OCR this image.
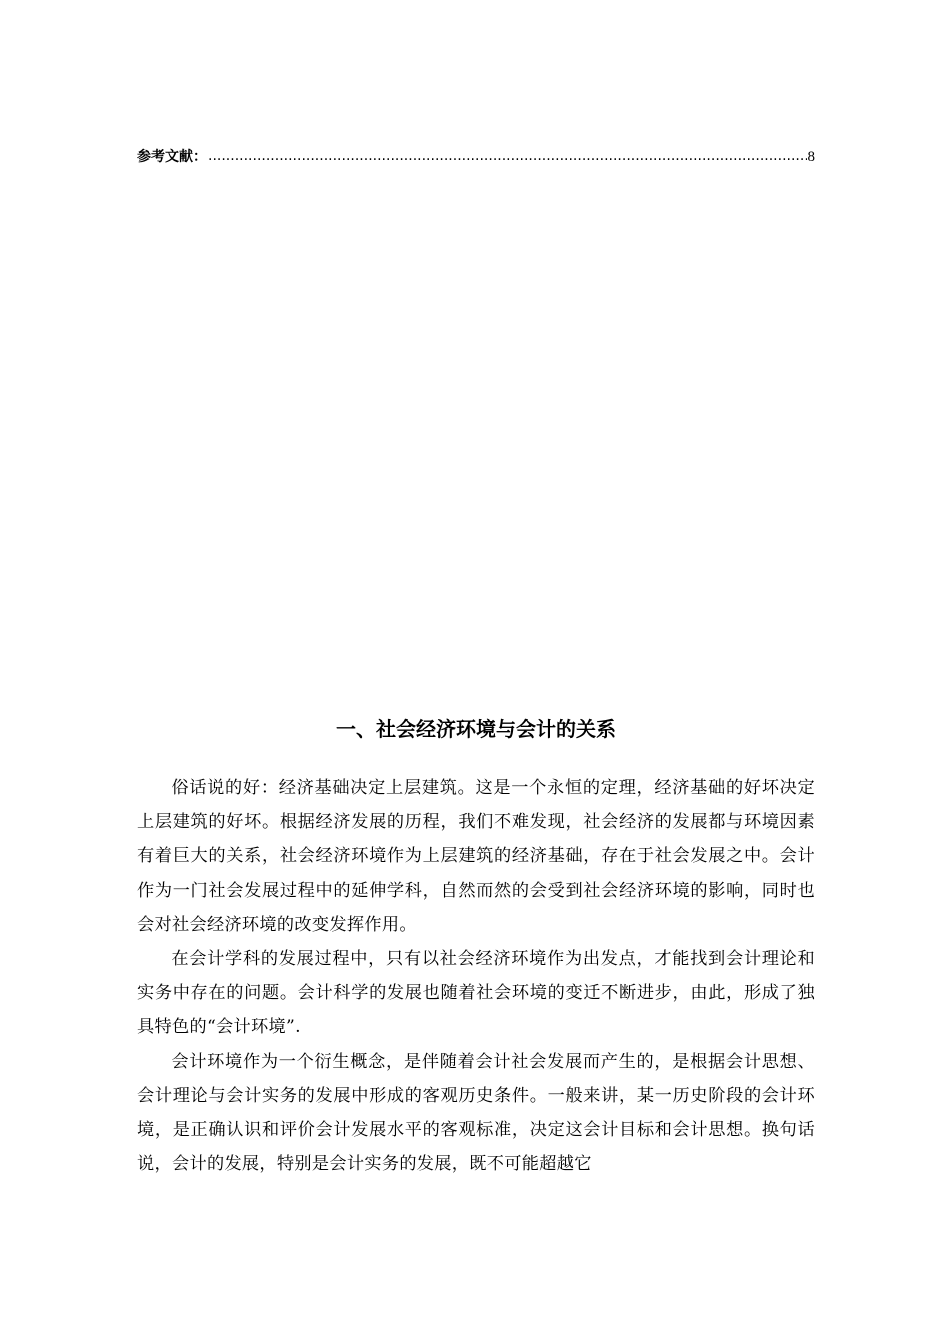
参考文献：
.....	8
一、社会经济环境与会计的关系

俗话说的好：经济基础决定上层建筑。这是一个永恒的定理，经济基础的好坏决定上层建筑的好坏。根据经济发展的历程，我们不难发现，社会经济的发展都与环境因素有着巨大的关系，社会经济环境作为上层建筑的经济基础，存在于社会发展之中。会计作为一门社会发展过程中的延伸学科，自然而然的会受到社会经济环境的影响，同时也会对社会经济环境的改变发挥作用。

在会计学科的发展过程中，只有以社会经济环境作为出发点，才能找到会计理论和实务中存在的问题。会计科学的发展也随着社会环境的变迁不断进步，由此，形成了独具特色的“会计环境”.

会计环境作为一个衍生概念，是伴随着会计社会发展而产生的，是根据会计思想、会计理论与会计实务的发展中形成的客观历史条件。一般来讲，某一历史阶段的会计环境，是正确认识和评价会计发展水平的客观标准，决定这会计目标和会计思想。换句话说，会计的发展，特别是会计实务的发展，既不可能超越它
